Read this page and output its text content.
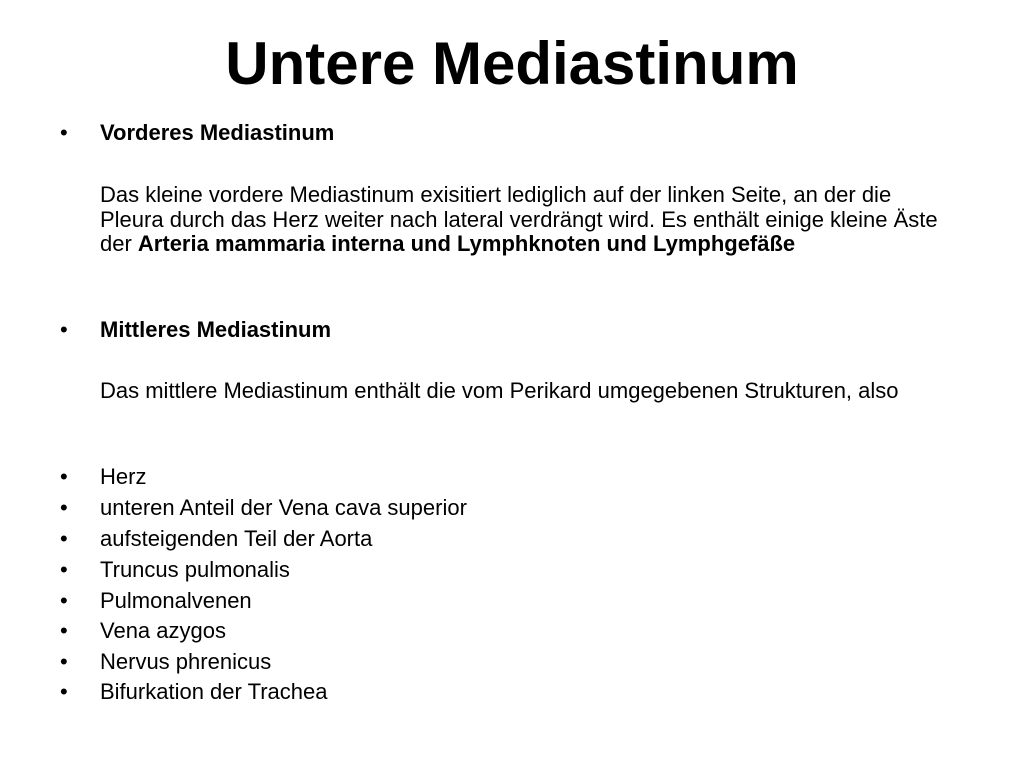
Untere Mediastinum
•	Vorderes Mediastinum

Das kleine vordere Mediastinum exisitiert lediglich auf der linken Seite, an der die Pleura durch das Herz weiter nach lateral verdrängt wird. Es enthält einige kleine Äste der Arteria mammaria interna und Lymphknoten und Lymphgefäße

•	Mittleres Mediastinum

Das mittlere Mediastinum enthält die vom Perikard umgegebenen Strukturen, also

•	Herz
•	unteren Anteil der Vena cava superior
•	aufsteigenden Teil der Aorta
•	Truncus pulmonalis
•	Pulmonalvenen
•	Vena azygos
•	Nervus phrenicus
•	Bifurkation der Trachea
